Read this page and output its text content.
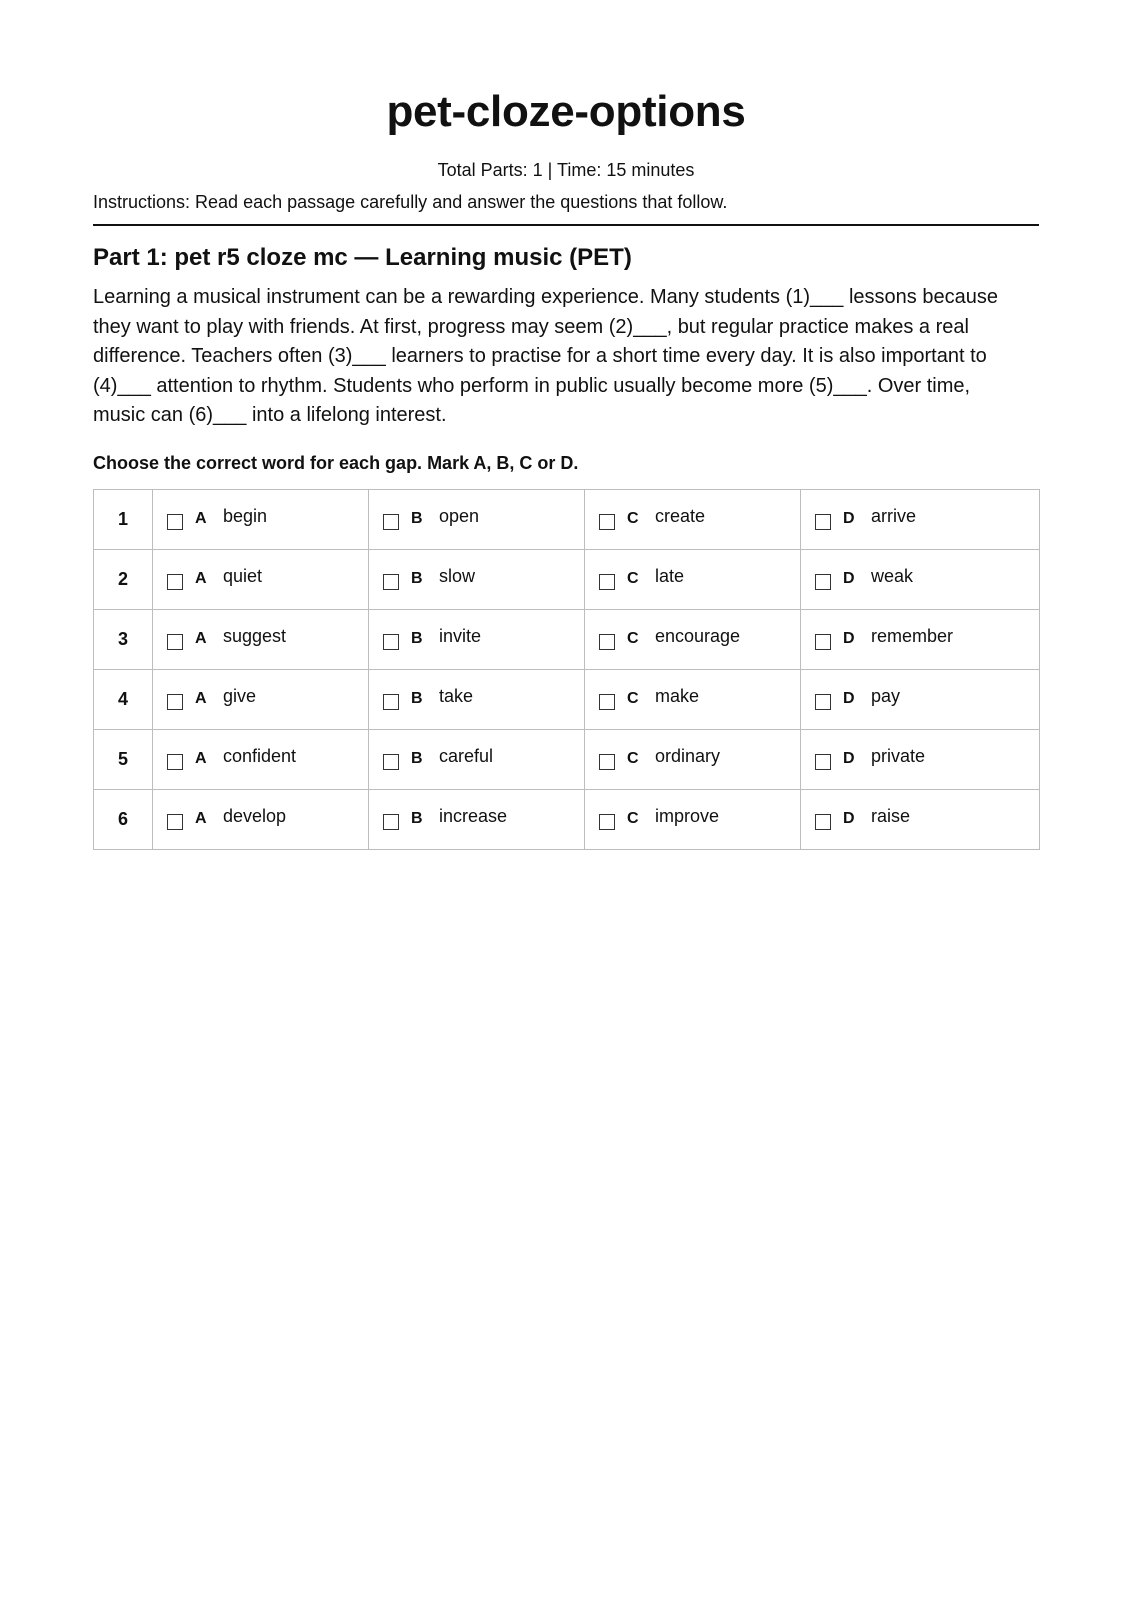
pet-cloze-options
Total Parts: 1 | Time: 15 minutes
Instructions: Read each passage carefully and answer the questions that follow.
Part 1: pet r5 cloze mc — Learning music (PET)
Learning a musical instrument can be a rewarding experience. Many students (1)___ lessons because they want to play with friends. At first, progress may seem (2)___, but regular practice makes a real difference. Teachers often (3)___ learners to practise for a short time every day. It is also important to (4)___ attention to rhythm. Students who perform in public usually become more (5)___. Over time, music can (6)___ into a lifelong interest.
Choose the correct word for each gap. Mark A, B, C or D.
1	A begin	B open	C create	D arrive

2	A quiet	B slow	C late	D weak

3	A suggest	B invite	C encourage	D remember

4	A give	B take	C make	D pay

5	A confident	B careful	C ordinary	D private

6	A develop	B increase	C improve	D raise
